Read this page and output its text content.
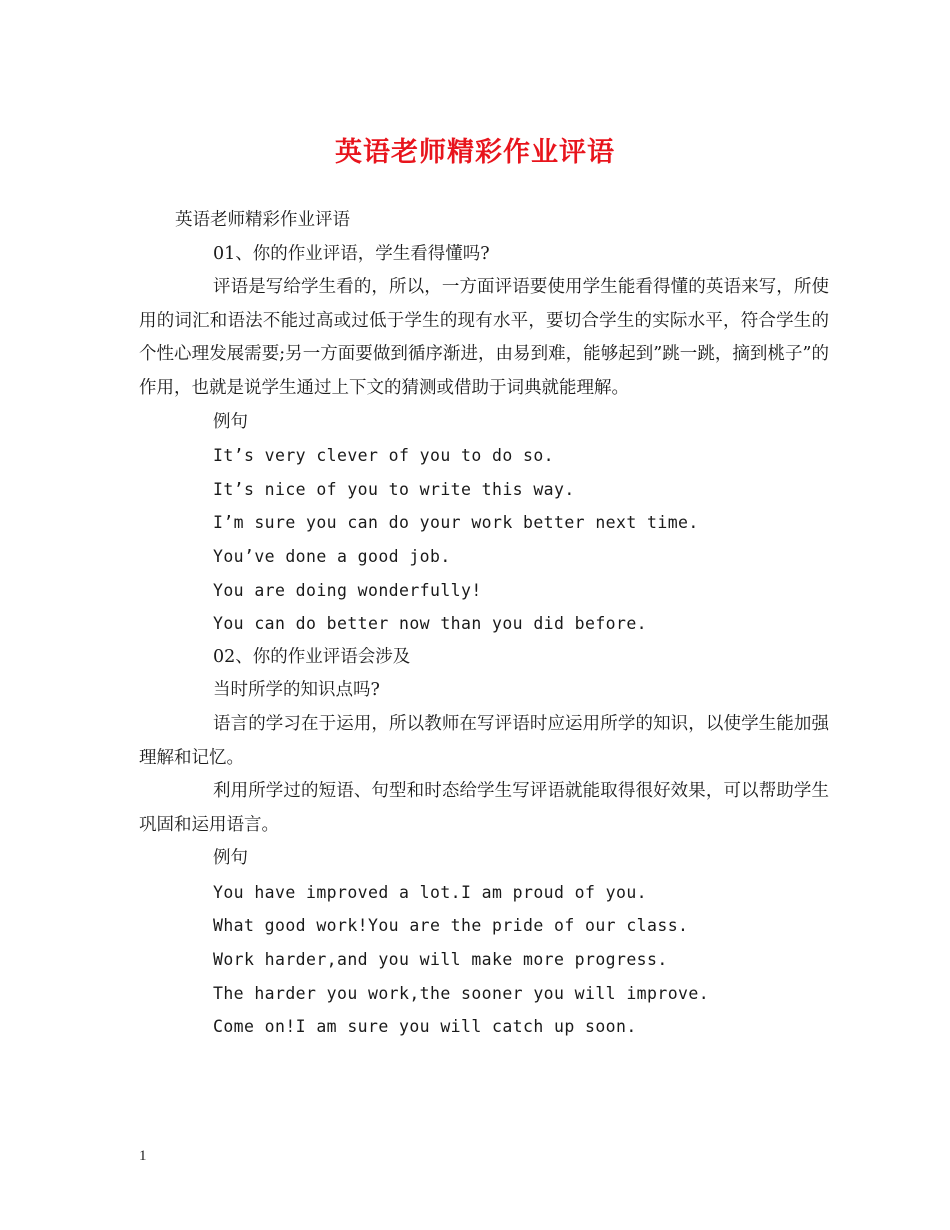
英语老师精彩作业评语
英语老师精彩作业评语
01、你的作业评语，学生看得懂吗?
评语是写给学生看的，所以，一方面评语要使用学生能看得懂的英语来写，所使用的词汇和语法不能过高或过低于学生的现有水平，要切合学生的实际水平，符合学生的个性心理发展需要;另一方面要做到循序渐进，由易到难，能够起到”跳一跳，摘到桃子”的作用，也就是说学生通过上下文的猜测或借助于词典就能理解。
例句
It’s very clever of you to do so.
It’s nice of you to write this way.
I’m sure you can do your work better next time.
You’ve done a good job.
You are doing wonderfully!
You can do better now than you did before.
02、你的作业评语会涉及
当时所学的知识点吗?
语言的学习在于运用，所以教师在写评语时应运用所学的知识，以使学生能加强理解和记忆。
利用所学过的短语、句型和时态给学生写评语就能取得很好效果，可以帮助学生巩固和运用语言。
例句
You have improved a lot.I am proud of you.
What good work!You are the pride of our class.
Work harder,and you will make more progress.
The harder you work,the sooner you will improve.
Come on!I am sure you will catch up soon.
1
